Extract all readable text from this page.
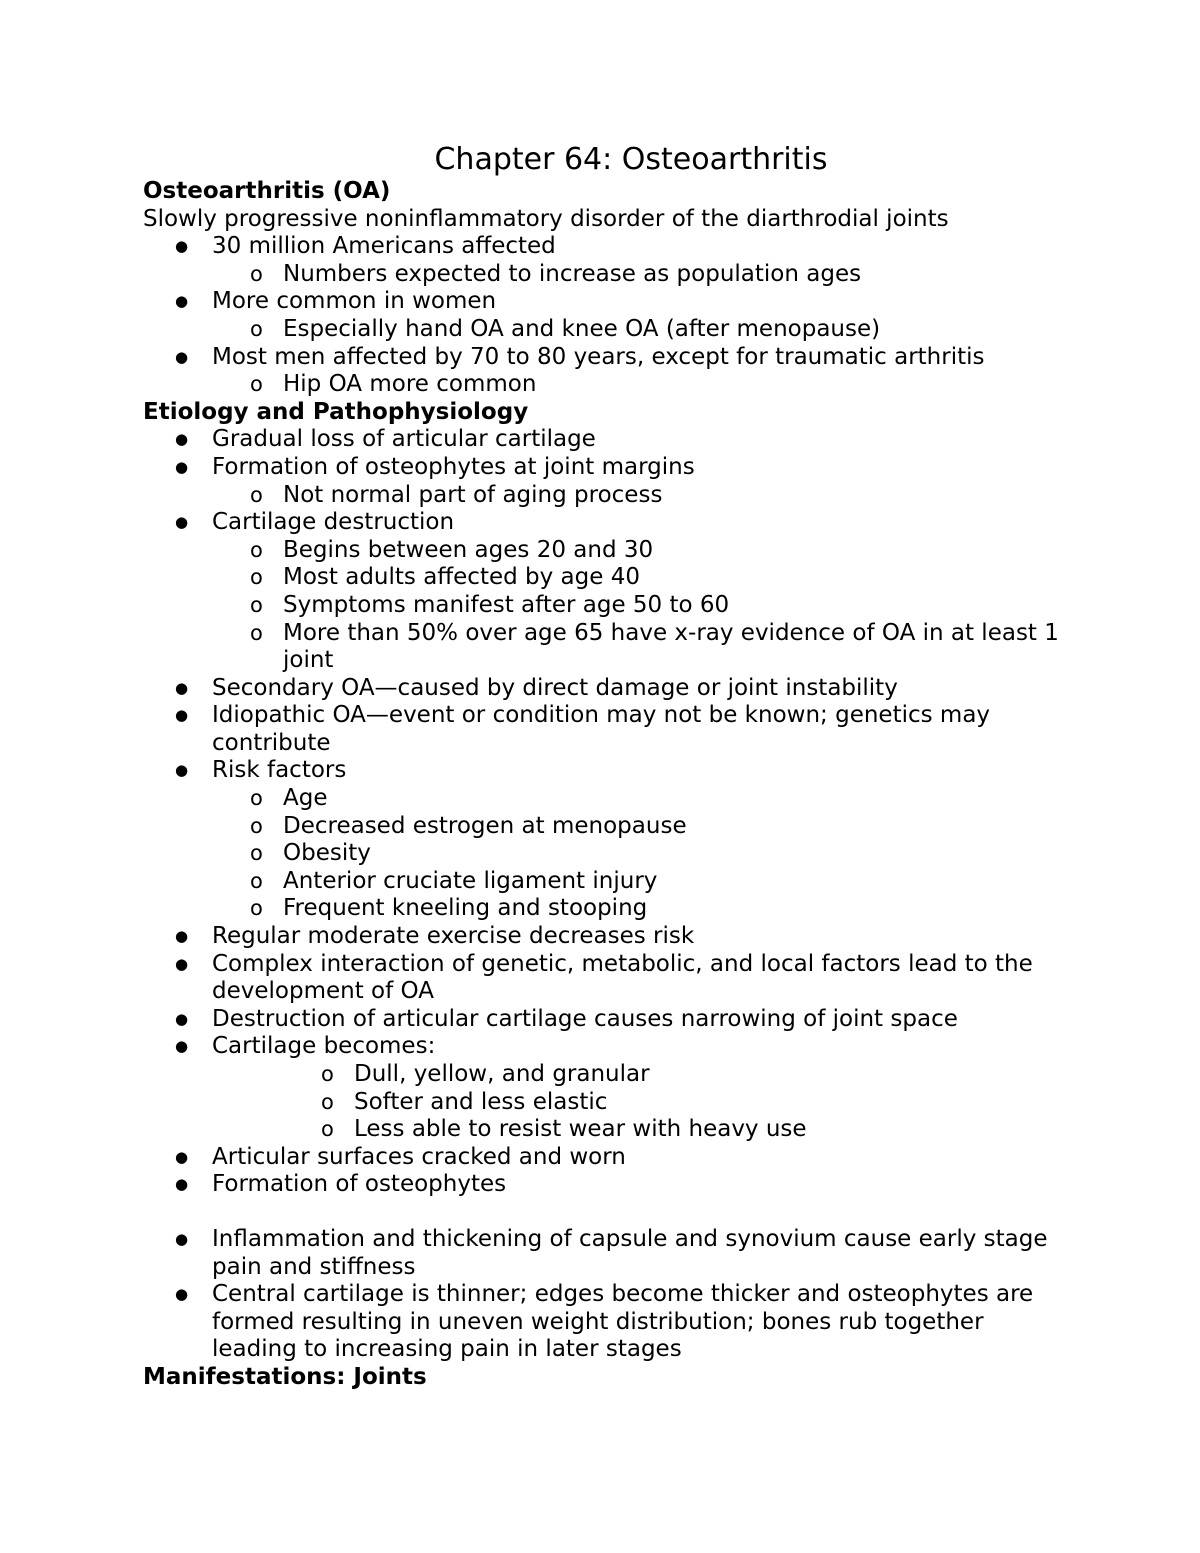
Chapter 64: Osteoarthritis
Osteoarthritis (OA)
Slowly progressive noninflammatory disorder of the diarthrodial joints
● 30 million Americans affected
o Numbers expected to increase as population ages
● More common in women
o Especially hand OA and knee OA (after menopause)
● Most men affected by 70 to 80 years, except for traumatic arthritis
o Hip OA more common
Etiology and Pathophysiology
● Gradual loss of articular cartilage
● Formation of osteophytes at joint margins
o Not normal part of aging process
● Cartilage destruction
o Begins between ages 20 and 30
o Most adults affected by age 40
o Symptoms manifest after age 50 to 60
o More than 50% over age 65 have x-ray evidence of OA in at least 1 joint
● Secondary OA—caused by direct damage or joint instability
● Idiopathic OA—event or condition may not be known; genetics may contribute
● Risk factors
o Age
o Decreased estrogen at menopause
o Obesity
o Anterior cruciate ligament injury
o Frequent kneeling and stooping
● Regular moderate exercise decreases risk
● Complex interaction of genetic, metabolic, and local factors lead to the development of OA
● Destruction of articular cartilage causes narrowing of joint space
● Cartilage becomes:
o Dull, yellow, and granular
o Softer and less elastic
o Less able to resist wear with heavy use
● Articular surfaces cracked and worn
● Formation of osteophytes
● Inflammation and thickening of capsule and synovium cause early stage pain and stiffness
● Central cartilage is thinner; edges become thicker and osteophytes are formed resulting in uneven weight distribution; bones rub together leading to increasing pain in later stages
Manifestations: Joints
